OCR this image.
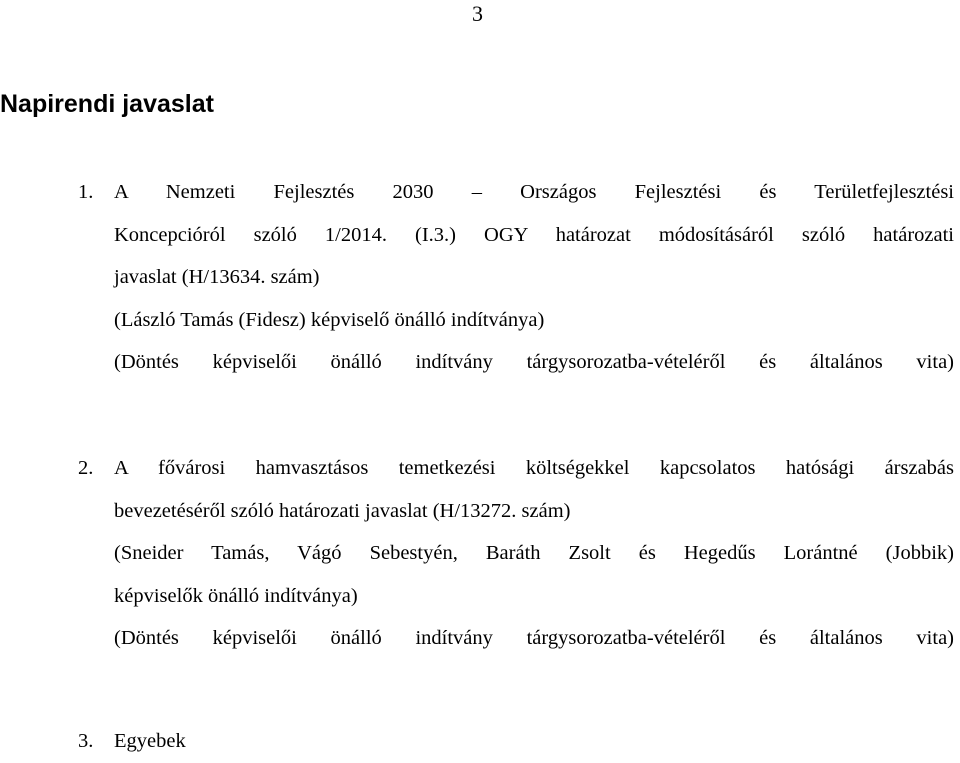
3
Napirendi javaslat
1. A Nemzeti Fejlesztés 2030 – Országos Fejlesztési és Területfejlesztési
Koncepcióról szóló 1/2014. (I.3.) OGY határozat módosításáról szóló határozati
javaslat (H/13634. szám)
(László Tamás (Fidesz) képviselő önálló indítványa)
(Döntés képviselői önálló indítvány tárgysorozatba-vételéről és általános vita)
2. A fővárosi hamvasztásos temetkezési költségekkel kapcsolatos hatósági árszabás
bevezetéséről szóló határozati javaslat (H/13272. szám)
(Sneider Tamás, Vágó Sebestyén, Baráth Zsolt és Hegedűs Lorántné (Jobbik)
képviselők önálló indítványa)
(Döntés képviselői önálló indítvány tárgysorozatba-vételéről és általános vita)
3. Egyebek
